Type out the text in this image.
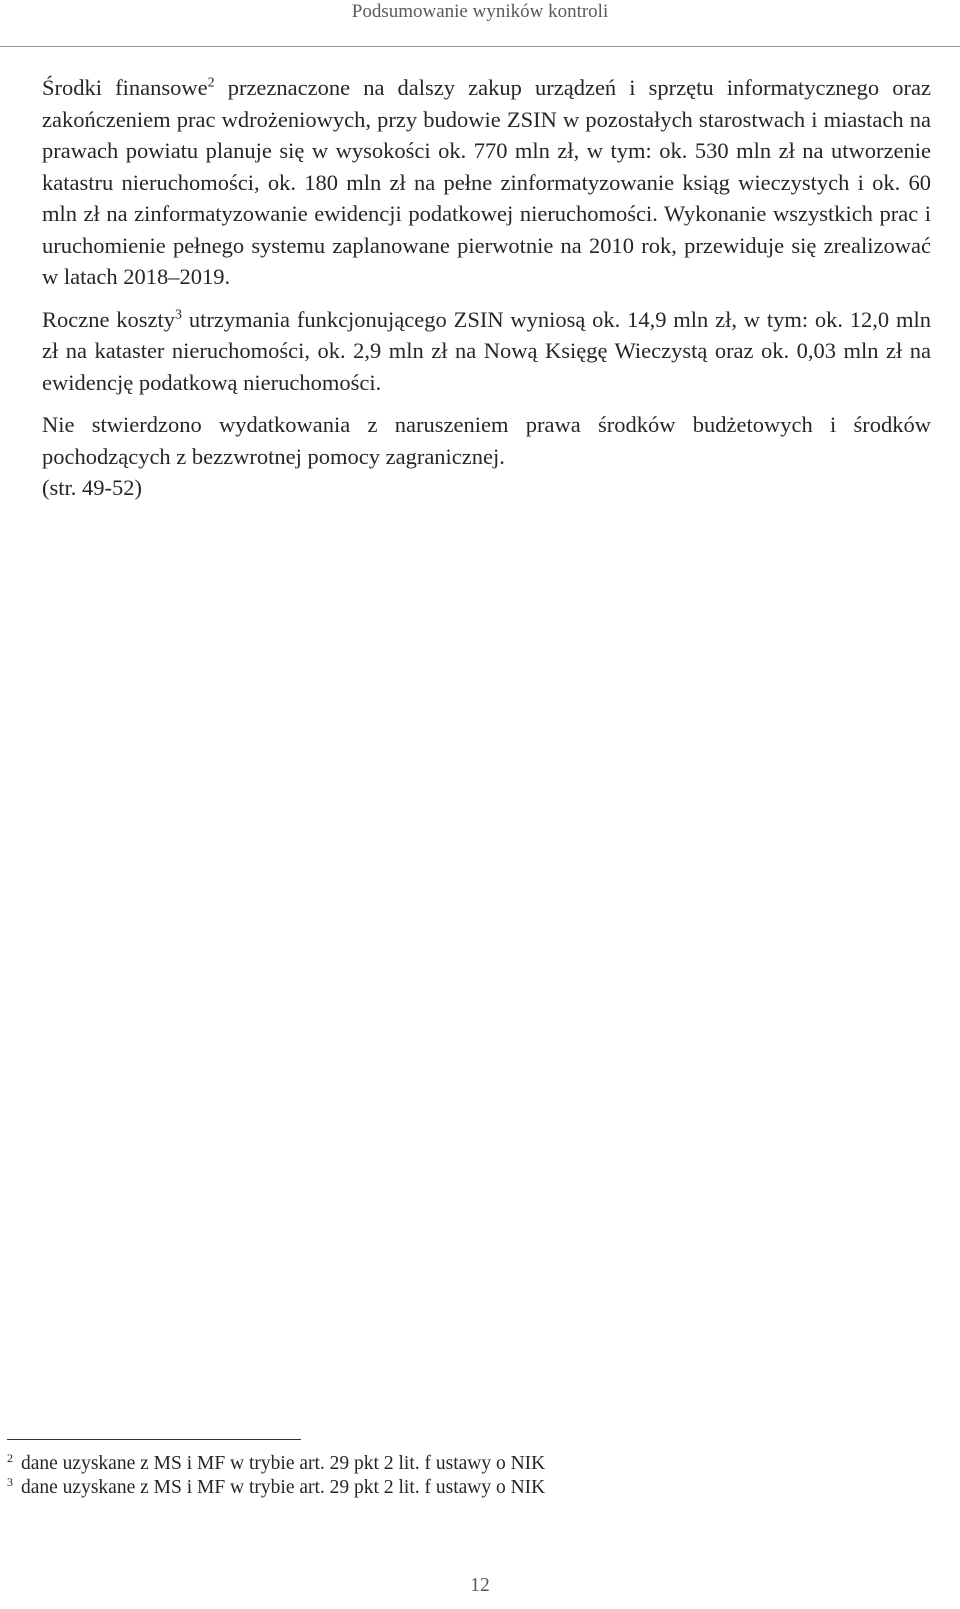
Podsumowanie wyników kontroli

Środki finansowe$^2$ przeznaczone na dalszy zakup urządzeń i sprzętu informatycznego oraz zakończeniem prac wdrożeniowych, przy budowie ZSIN w pozostałych starostwach i miastach na prawach powiatu planuje się w wysokości ok. 770 mln zł, w tym: ok. 530 mln zł na utworzenie katastru nieruchomości, ok. 180 mln zł na pełne zinformatyzowanie ksiąg wieczystych i ok. 60 mln zł na zinformatyzowanie ewidencji podatkowej nieruchomości. Wykonanie wszystkich prac i uruchomienie pełnego systemu zaplanowane pierwotnie na 2010 rok, przewiduje się zrealizować w latach 2018–2019.

Roczne koszty$^3$ utrzymania funkcjonującego ZSIN wyniosą ok. 14,9 mln zł, w tym: ok. 12,0 mln zł na kataster nieruchomości, ok. 2,9 mln zł na Nową Księgę Wieczystą oraz ok. 0,03 mln zł na ewidencję podatkową nieruchomości.

Nie stwierdzono wydatkowania z naruszeniem prawa środków budżetowych i środków pochodzących z bezzwrotnej pomocy zagranicznej.

(str. 49-52)

$^2$ dane uzyskane z MS i MF w trybie art. 29 pkt 2 lit. f ustawy o NIK

$^3$ dane uzyskane z MS i MF w trybie art. 29 pkt 2 lit. f ustawy o NIK

12
